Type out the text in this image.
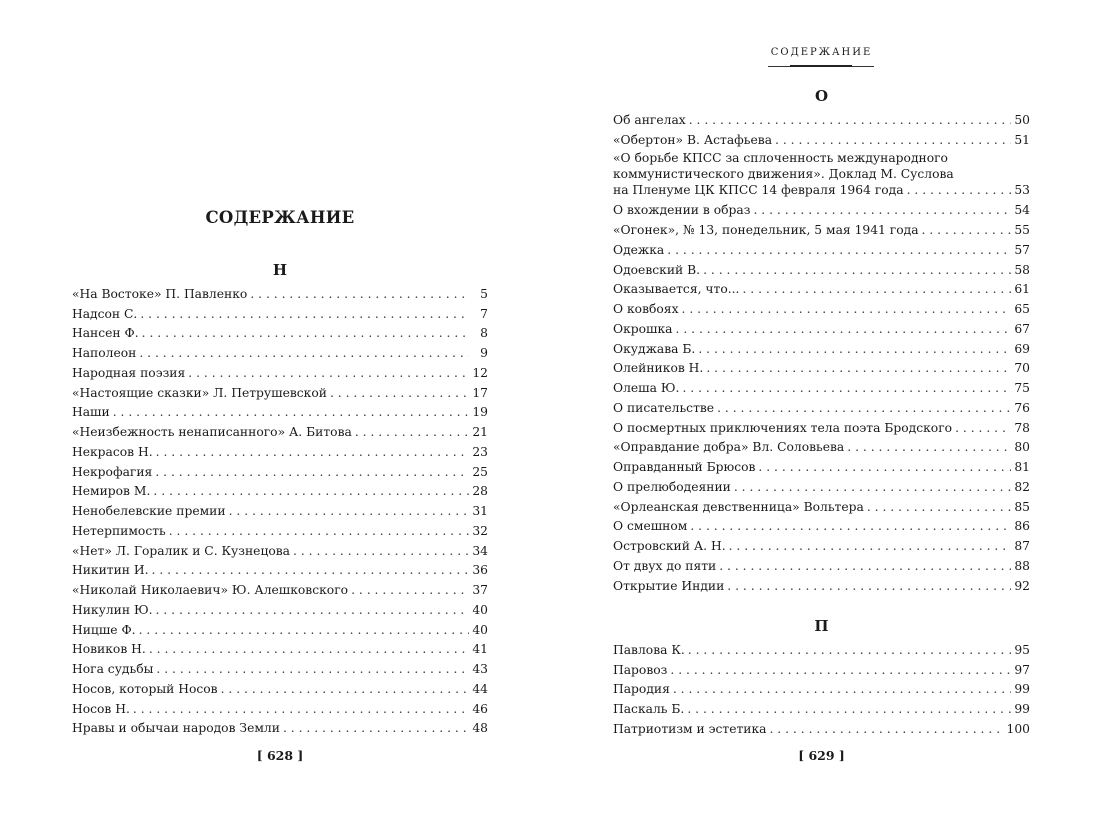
СОДЕРЖАНИЕ
Н
«На Востоке» П. Павленко . . .	5
Надсон С. . . .	7
Нансен Ф. . . .	8
Наполеон . . .	9
Народная поэзия . . .	12
«Настоящие сказки» Л. Петрушевской . . .	17
Наши . . .	19
«Неизбежность ненаписанного» А. Битова . . .	21
Некрасов Н. . . .	23
Некрофагия . . .	25
Немиров М. . . .	28
Ненобелевские премии . . .	31
Нетерпимость . . .	32
«Нет» Л. Горалик и С. Кузнецова . . .	34
Никитин И. . . .	36
«Николай Николаевич» Ю. Алешковского . . .	37
Никулин Ю. . . .	40
Ницше Ф. . . .	40
Новиков Н. . . .	41
Нога судьбы . . .	43
Носов, который Носов . . .	44
Носов Н. . . .	46
Нравы и обычаи народов Земли . . .	48
[ 628 ]
СОДЕРЖАНИЕ
О
Об ангелах . . .	50
«Обертон» В. Астафьева . . .	51
«О борьбе КПСС за сплоченность международного
коммунистического движения». Доклад М. Суслова
на Пленуме ЦК КПСС 14 февраля 1964 года . . .	53
О вхождении в образ . . .	54
«Огонек», № 13, понедельник, 5 мая 1941 года . . .	55
Одежка . . .	57
Одоевский В. . . .	58
Оказывается, что... . . .	61
О ковбоях . . .	65
Окрошка . . .	67
Окуджава Б. . . .	69
Олейников Н. . . .	70
Олеша Ю. . . .	75
О писательстве . . .	76
О посмертных приключениях тела поэта Бродского . . .	78
«Оправдание добра» Вл. Соловьева . . .	80
Оправданный Брюсов . . .	81
О прелюбодеянии . . .	82
«Орлеанская девственница» Вольтера . . .	85
О смешном . . .	86
Островский А. Н. . . .	87
От двух до пяти . . .	88
Открытие Индии . . .	92
П
Павлова К. . . .	95
Паровоз . . .	97
Пародия . . .	99
Паскаль Б. . . .	99
Патриотизм и эстетика . . .	100
[ 629 ]
